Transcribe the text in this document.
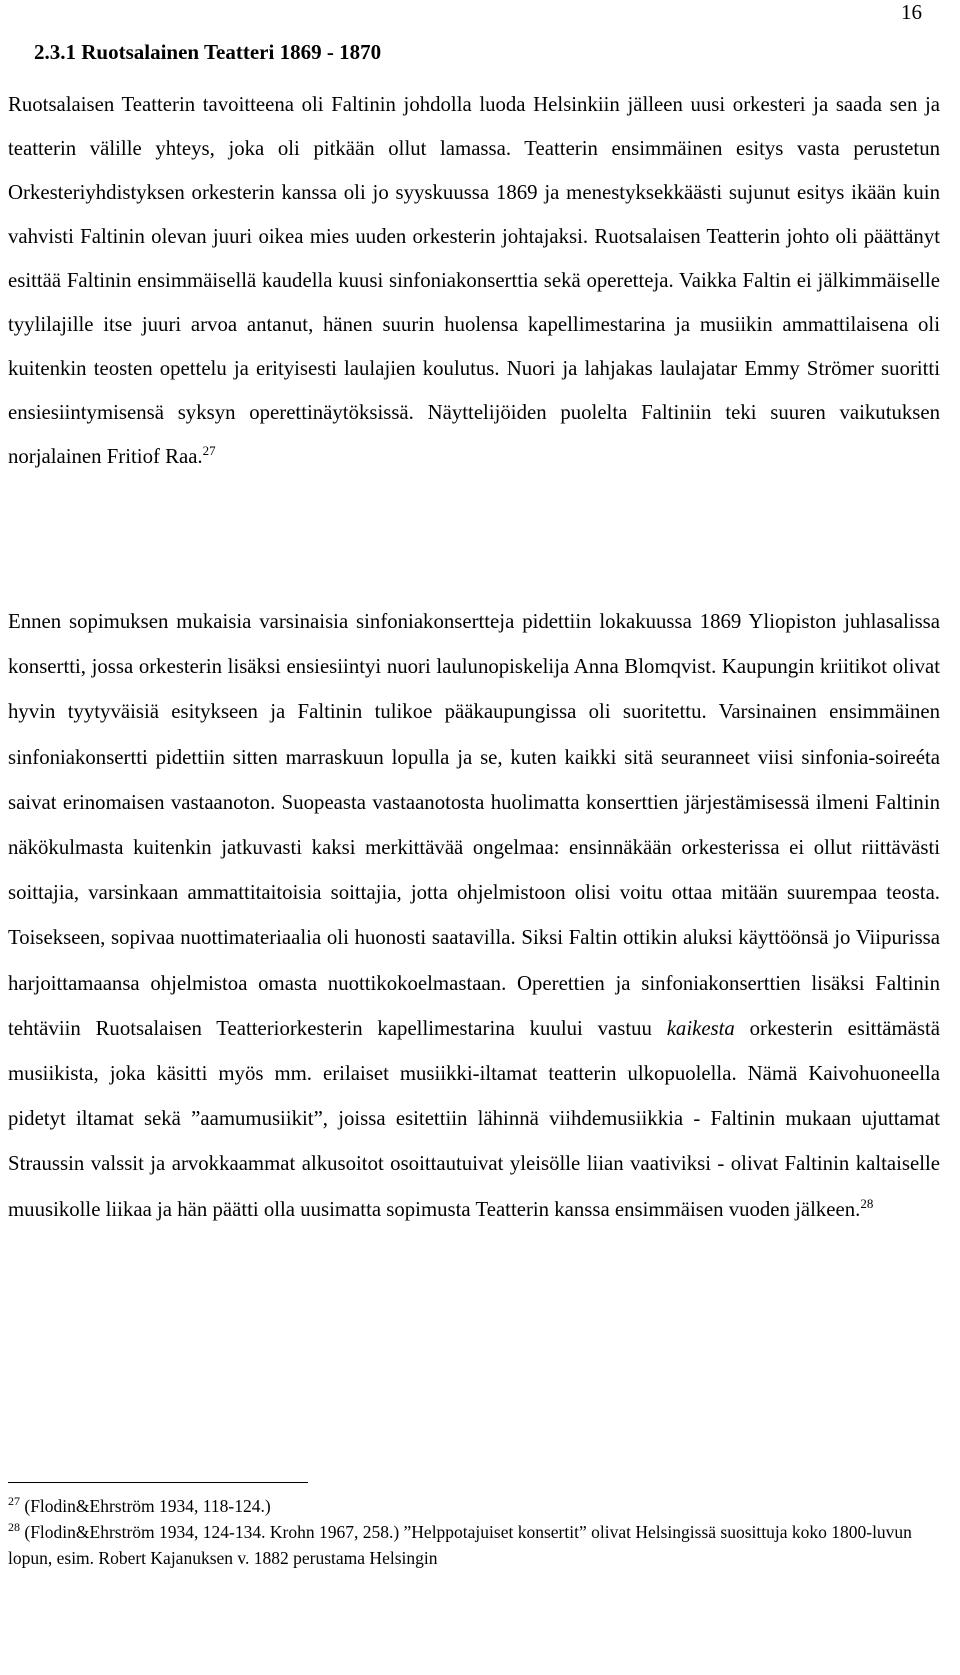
16
2.3.1 Ruotsalainen Teatteri 1869 - 1870

Ruotsalaisen Teatterin tavoitteena oli Faltinin johdolla luoda Helsinkiin jälleen uusi orkesteri ja saada sen ja teatterin välille yhteys, joka oli pitkään ollut lamassa. Teatterin ensimmäinen esitys vasta perustetun Orkesteriyhdistyksen orkesterin kanssa oli jo syyskuussa 1869 ja menestyksekkäästi sujunut esitys ikään kuin vahvisti Faltinin olevan juuri oikea mies uuden orkesterin johtajaksi. Ruotsalaisen Teatterin johto oli päättänyt esittää Faltinin ensimmäisellä kaudella kuusi sinfoniakonserttia sekä operetteja. Vaikka Faltin ei jälkimmäiselle tyylilajille itse juuri arvoa antanut, hänen suurin huolensa kapellimestarina ja musiikin ammattilaisena oli kuitenkin teosten opettelu ja erityisesti laulajien koulutus. Nuori ja lahjakas laulajatar Emmy Strömer suoritti ensiesiintymisensä syksyn operettinäytöksissä. Näyttelijöiden puolelta Faltiniin teki suuren vaikutuksen norjalainen Fritiof Raa.$^{27}$

Ennen sopimuksen mukaisia varsinaisia sinfoniakonsertteja pidettiin lokakuussa 1869 Yliopiston juhlasalissa konsertti, jossa orkesterin lisäksi ensiesiintyi nuori laulunopiskelija Anna Blomqvist. Kaupungin kriitikot olivat hyvin tyytyväisiä esitykseen ja Faltinin tulikoe pääkaupungissa oli suoritettu. Varsinainen ensimmäinen sinfoniakonsertti pidettiin sitten marraskuun lopulla ja se, kuten kaikki sitä seuranneet viisi sinfonia-soireéta saivat erinomaisen vastaanoton. Suopeasta vastaanotosta huolimatta konserttien järjestämisessä ilmeni Faltinin näkökulmasta kuitenkin jatkuvasti kaksi merkittävää ongelmaa: ensinnäkään orkesterissa ei ollut riittävästi soittajia, varsinkaan ammattitaitoisia soittajia, jotta ohjelmistoon olisi voitu ottaa mitään suurempaa teosta. Toisekseen, sopivaa nuottimateriaalia oli huonosti saatavilla. Siksi Faltin ottikin aluksi käyttöönsä jo Viipurissa harjoittamaansa ohjelmistoa omasta nuottikokoelmastaan. Operettien ja sinfoniakonserttien lisäksi Faltinin tehtäviin Ruotsalaisen Teatteriorkesterin kapellimestarina kuului vastuu kaikesta orkesterin esittämästä musiikista, joka käsitti myös mm. erilaiset musiikki-iltamat teatterin ulkopuolella. Nämä Kaivohuoneella pidetyt iltamat sekä ”aamumusiikit”, joissa esitettiin lähinnä viihdemusiikkia - Faltinin mukaan ujuttamat Straussin valssit ja arvokkaammat alkusoitot osoittautuivat yleisölle liian vaativiksi - olivat Faltinin kaltaiselle muusikolle liikaa ja hän päätti olla uusimatta sopimusta Teatterin kanssa ensimmäisen vuoden jälkeen.$^{28}$

$^{27}$ (Flodin&Ehrström 1934, 118-124.)

$^{28}$ (Flodin&Ehrström 1934, 124-134. Krohn 1967, 258.) ”Helppotajuiset konsertit” olivat Helsingissä suosittuja koko 1800-luvun lopun, esim. Robert Kajanuksen v. 1882 perustama Helsingin
